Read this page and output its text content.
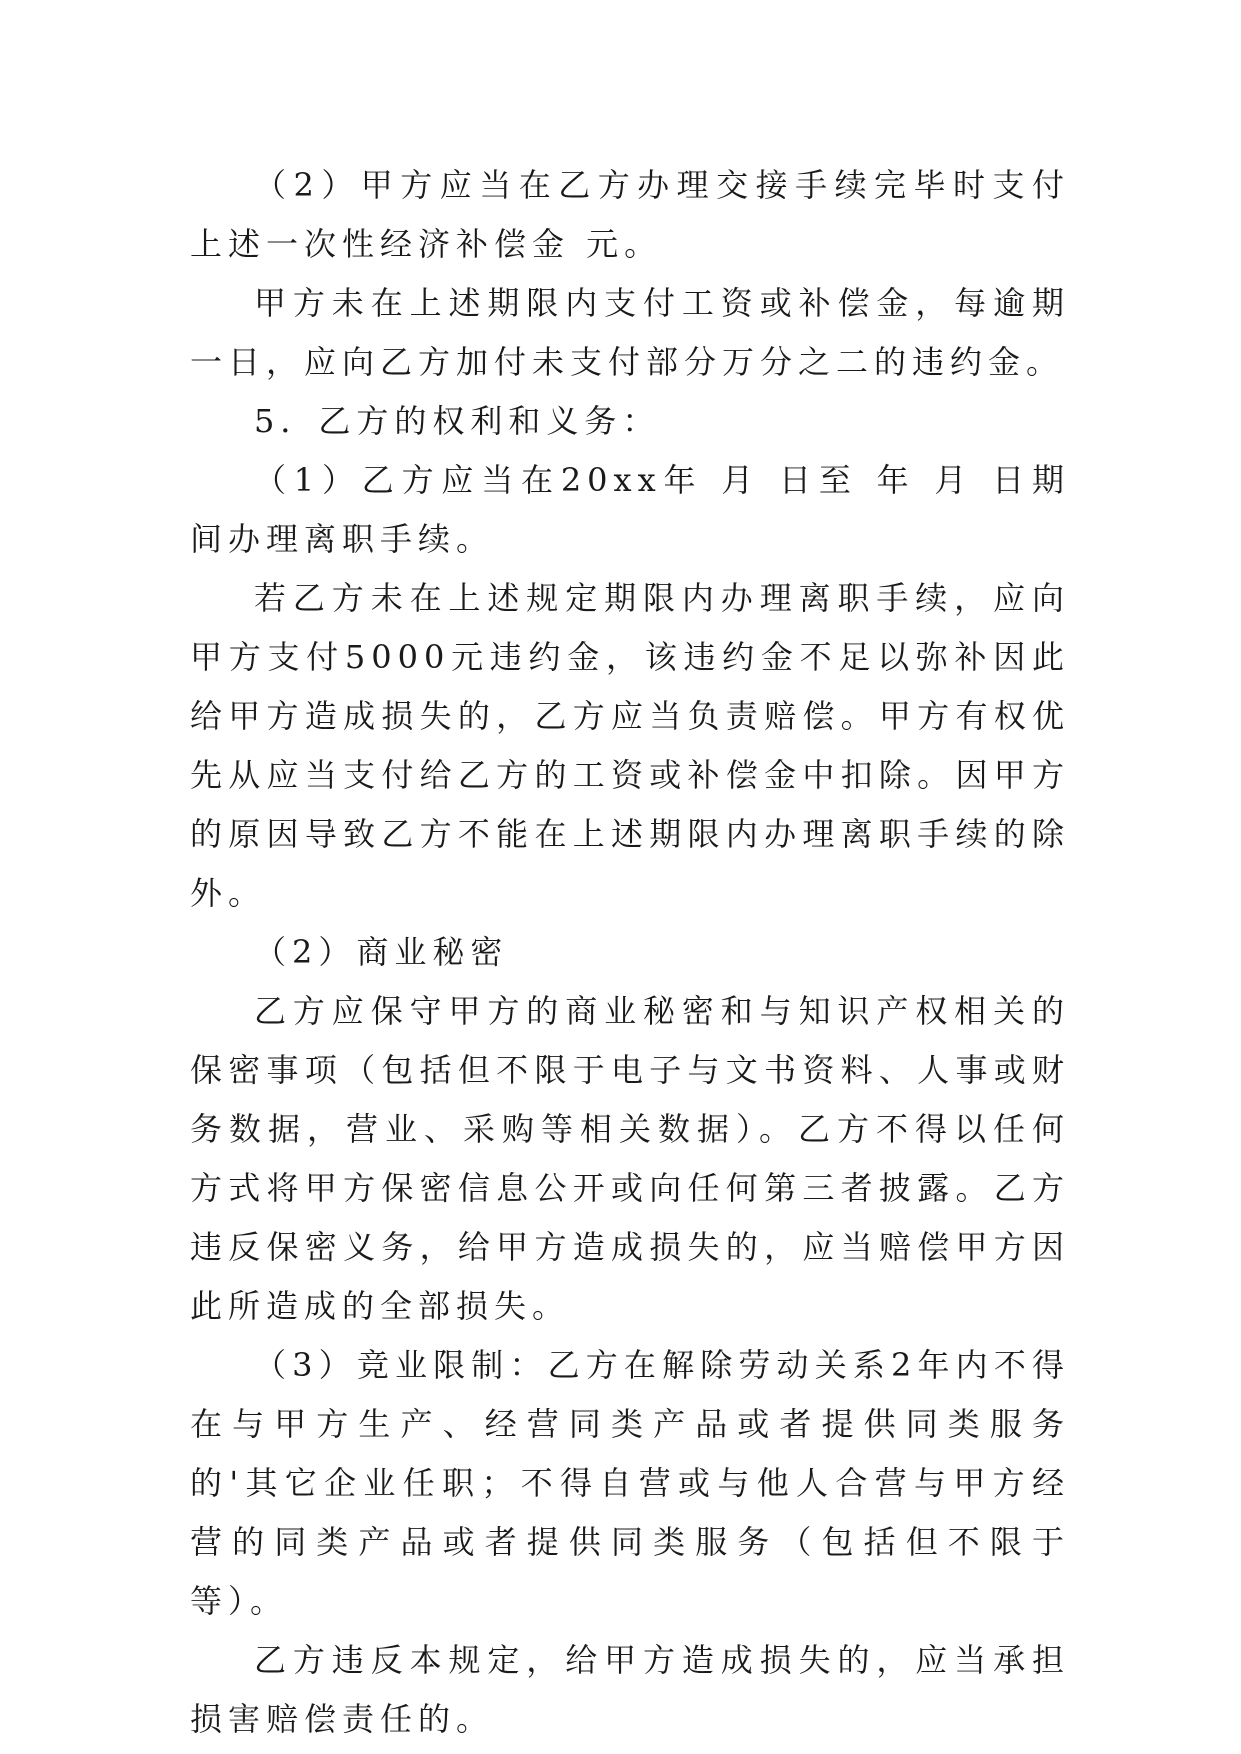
（2）甲方应当在乙方办理交接手续完毕时支付上述一次性经济补偿金 元。

甲方未在上述期限内支付工资或补偿金，每逾期一日，应向乙方加付未支付部分万分之二的违约金。

5．乙方的权利和义务：

（1）乙方应当在20xx年 月 日至 年 月 日期间办理离职手续。

若乙方未在上述规定期限内办理离职手续，应向甲方支付5000元违约金，该违约金不足以弥补因此给甲方造成损失的，乙方应当负责赔偿。甲方有权优先从应当支付给乙方的工资或补偿金中扣除。因甲方的原因导致乙方不能在上述期限内办理离职手续的除外。

（2）商业秘密

乙方应保守甲方的商业秘密和与知识产权相关的保密事项（包括但不限于电子与文书资料、人事或财务数据，营业、采购等相关数据）。乙方不得以任何方式将甲方保密信息公开或向任何第三者披露。乙方违反保密义务，给甲方造成损失的，应当赔偿甲方因此所造成的全部损失。

（3）竞业限制：乙方在解除劳动关系2年内不得在与甲方生产、经营同类产品或者提供同类服务的'其它企业任职；不得自营或与他人合营与甲方经营的同类产品或者提供同类服务（包括但不限于 等）。

乙方违反本规定，给甲方造成损失的，应当承担损害赔偿责任的。
